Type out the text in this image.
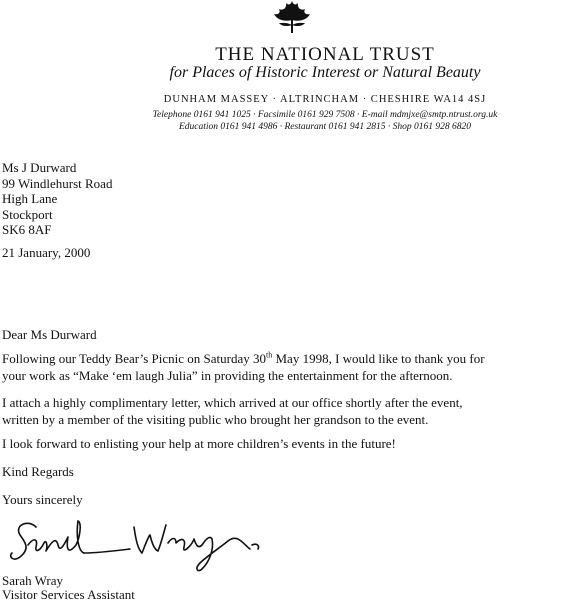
THE NATIONAL TRUST
for Places of Historic Interest or Natural Beauty
DUNHAM MASSEY · ALTRINCHAM · CHESHIRE WA14 4SJ
Telephone 0161 941 1025 · Facsimile 0161 929 7508 · E-mail mdmjxe@smtp.ntrust.org.uk
Education 0161 941 4986 · Restaurant 0161 941 2815 · Shop 0161 928 6820
Ms J Durward
99 Windlehurst Road
High Lane
Stockport
SK6 8AF
21 January, 2000
Dear Ms Durward
Following our Teddy Bear’s Picnic on Saturday 30th May 1998, I would like to thank you for
your work as “Make ‘em laugh Julia” in providing the entertainment for the afternoon.
I attach a highly complimentary letter, which arrived at our office shortly after the event,
written by a member of the visiting public who brought her grandson to the event.
I look forward to enlisting your help at more children’s events in the future!
Kind Regards
Yours sincerely
Sarah Wray
Visitor Services Assistant
